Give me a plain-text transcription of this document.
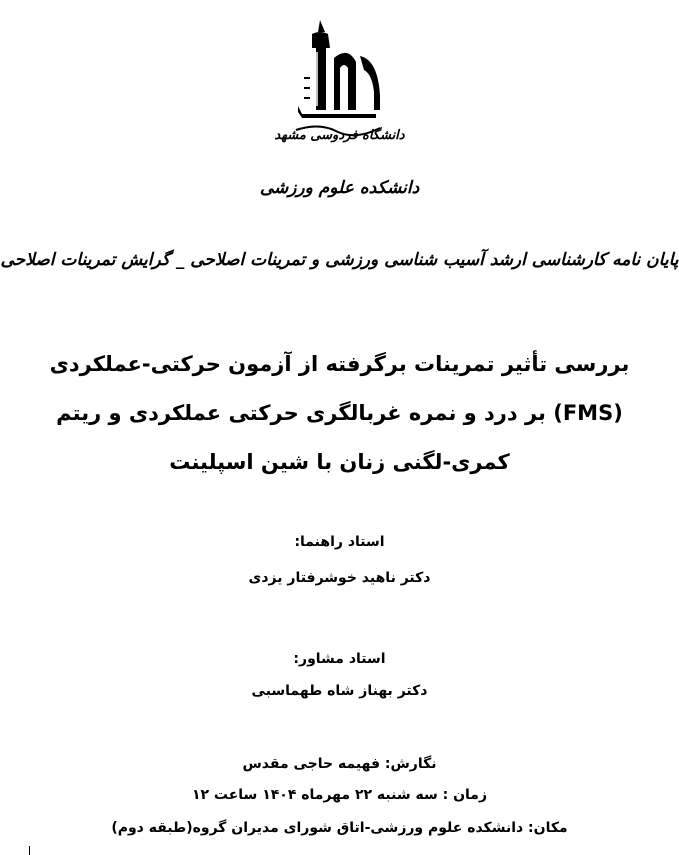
دانشگاه فردوسی مشهد
دانشکده علوم ورزشی
پایان نامه کارشناسی ارشد آسیب شناسی ورزشی و تمرینات اصلاحی _ گرایش تمرینات اصلاحی
بررسی تأثیر تمرینات برگرفته از آزمون حرکتی-عملکردی
(FMS) بر درد و نمره غربالگری حرکتی عملکردی و ریتم
کمری-لگنی زنان با شین اسپلینت
استاد راهنما:
دکتر ناهید خوشرفتار یزدی
استاد مشاور:
دکتر بهناز شاه طهماسبی
نگارش: فهیمه حاجی مقدس
زمان : سه شنبه ۲۲ مهرماه ۱۴۰۴ ساعت ۱۲
مکان: دانشکده علوم ورزشی-اتاق شورای مدیران گروه(طبقه دوم)
